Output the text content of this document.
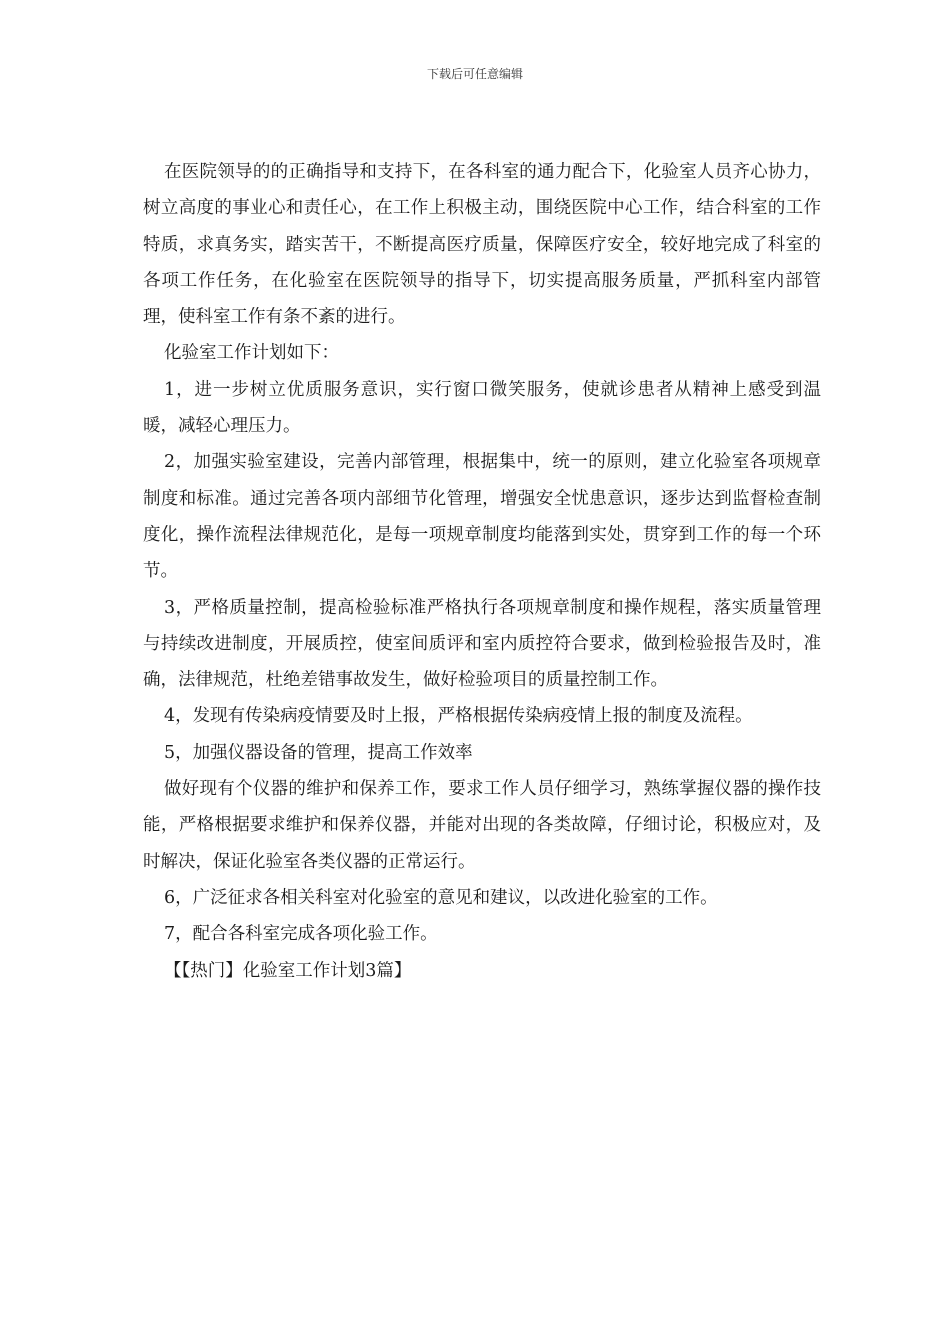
下载后可任意编辑

在医院领导的的正确指导和支持下，在各科室的通力配合下，化验室人员齐心协力，树立高度的事业心和责任心，在工作上积极主动，围绕医院中心工作，结合科室的工作特质，求真务实，踏实苦干，不断提高医疗质量，保障医疗安全，较好地完成了科室的各项工作任务，在化验室在医院领导的指导下，切实提高服务质量，严抓科室内部管理，使科室工作有条不紊的进行。

化验室工作计划如下：

1，进一步树立优质服务意识，实行窗口微笑服务，使就诊患者从精神上感受到温暖，减轻心理压力。

2，加强实验室建设，完善内部管理，根据集中，统一的原则，建立化验室各项规章制度和标准。通过完善各项内部细节化管理，增强安全忧患意识，逐步达到监督检查制度化，操作流程法律规范化，是每一项规章制度均能落到实处，贯穿到工作的每一个环节。

3，严格质量控制，提高检验标准严格执行各项规章制度和操作规程，落实质量管理与持续改进制度，开展质控，使室间质评和室内质控符合要求，做到检验报告及时，准确，法律规范，杜绝差错事故发生，做好检验项目的质量控制工作。

4，发现有传染病疫情要及时上报，严格根据传染病疫情上报的制度及流程。

5，加强仪器设备的管理，提高工作效率

做好现有个仪器的维护和保养工作，要求工作人员仔细学习，熟练掌握仪器的操作技能，严格根据要求维护和保养仪器，并能对出现的各类故障，仔细讨论，积极应对，及时解决，保证化验室各类仪器的正常运行。

6，广泛征求各相关科室对化验室的意见和建议，以改进化验室的工作。

7，配合各科室完成各项化验工作。

【【热门】化验室工作计划3篇】
